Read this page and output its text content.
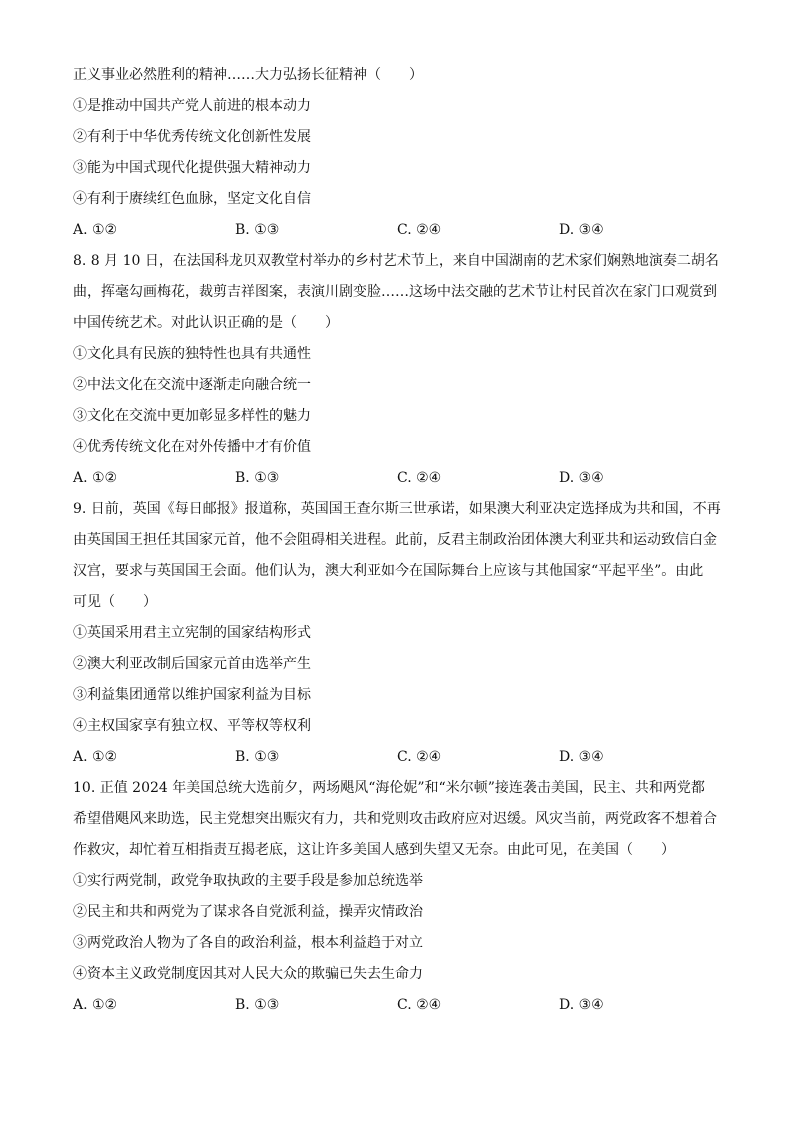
正义事业必然胜利的精神……大力弘扬长征精神（　　）
①是推动中国共产党人前进的根本动力
②有利于中华优秀传统文化创新性发展
③能为中国式现代化提供强大精神动力
④有利于赓续红色血脉，坚定文化自信
A. ①②	B. ①③	C. ②④	D. ③④
8. 8 月 10 日，在法国科龙贝双教堂村举办的乡村艺术节上，来自中国湖南的艺术家们娴熟地演奏二胡名
曲，挥毫勾画梅花，裁剪吉祥图案，表演川剧变脸……这场中法交融的艺术节让村民首次在家门口观赏到
中国传统艺术。对此认识正确的是（　　）
①文化具有民族的独特性也具有共通性
②中法文化在交流中逐渐走向融合统一
③文化在交流中更加彰显多样性的魅力
④优秀传统文化在对外传播中才有价值
A. ①②	B. ①③	C. ②④	D. ③④
9. 日前，英国《每日邮报》报道称，英国国王查尔斯三世承诺，如果澳大利亚决定选择成为共和国，不再
由英国国王担任其国家元首，他不会阻碍相关进程。此前，反君主制政治团体澳大利亚共和运动致信白金
汉宫，要求与英国国王会面。他们认为，澳大利亚如今在国际舞台上应该与其他国家“平起平坐”。由此
可见（　　）
①英国采用君主立宪制的国家结构形式
②澳大利亚改制后国家元首由选举产生
③利益集团通常以维护国家利益为目标
④主权国家享有独立权、平等权等权利
A. ①②	B. ①③	C. ②④	D. ③④
10. 正值 2024 年美国总统大选前夕，两场飓风“海伦妮”和“米尔顿”接连袭击美国，民主、共和两党都
希望借飓风来助选，民主党想突出赈灾有力，共和党则攻击政府应对迟缓。风灾当前，两党政客不想着合
作救灾，却忙着互相指责互揭老底，这让许多美国人感到失望又无奈。由此可见，在美国（　　）
①实行两党制，政党争取执政的主要手段是参加总统选举
②民主和共和两党为了谋求各自党派利益，操弄灾情政治
③两党政治人物为了各自的政治利益，根本利益趋于对立
④资本主义政党制度因其对人民大众的欺骗已失去生命力
A. ①②	B. ①③	C. ②④	D. ③④
